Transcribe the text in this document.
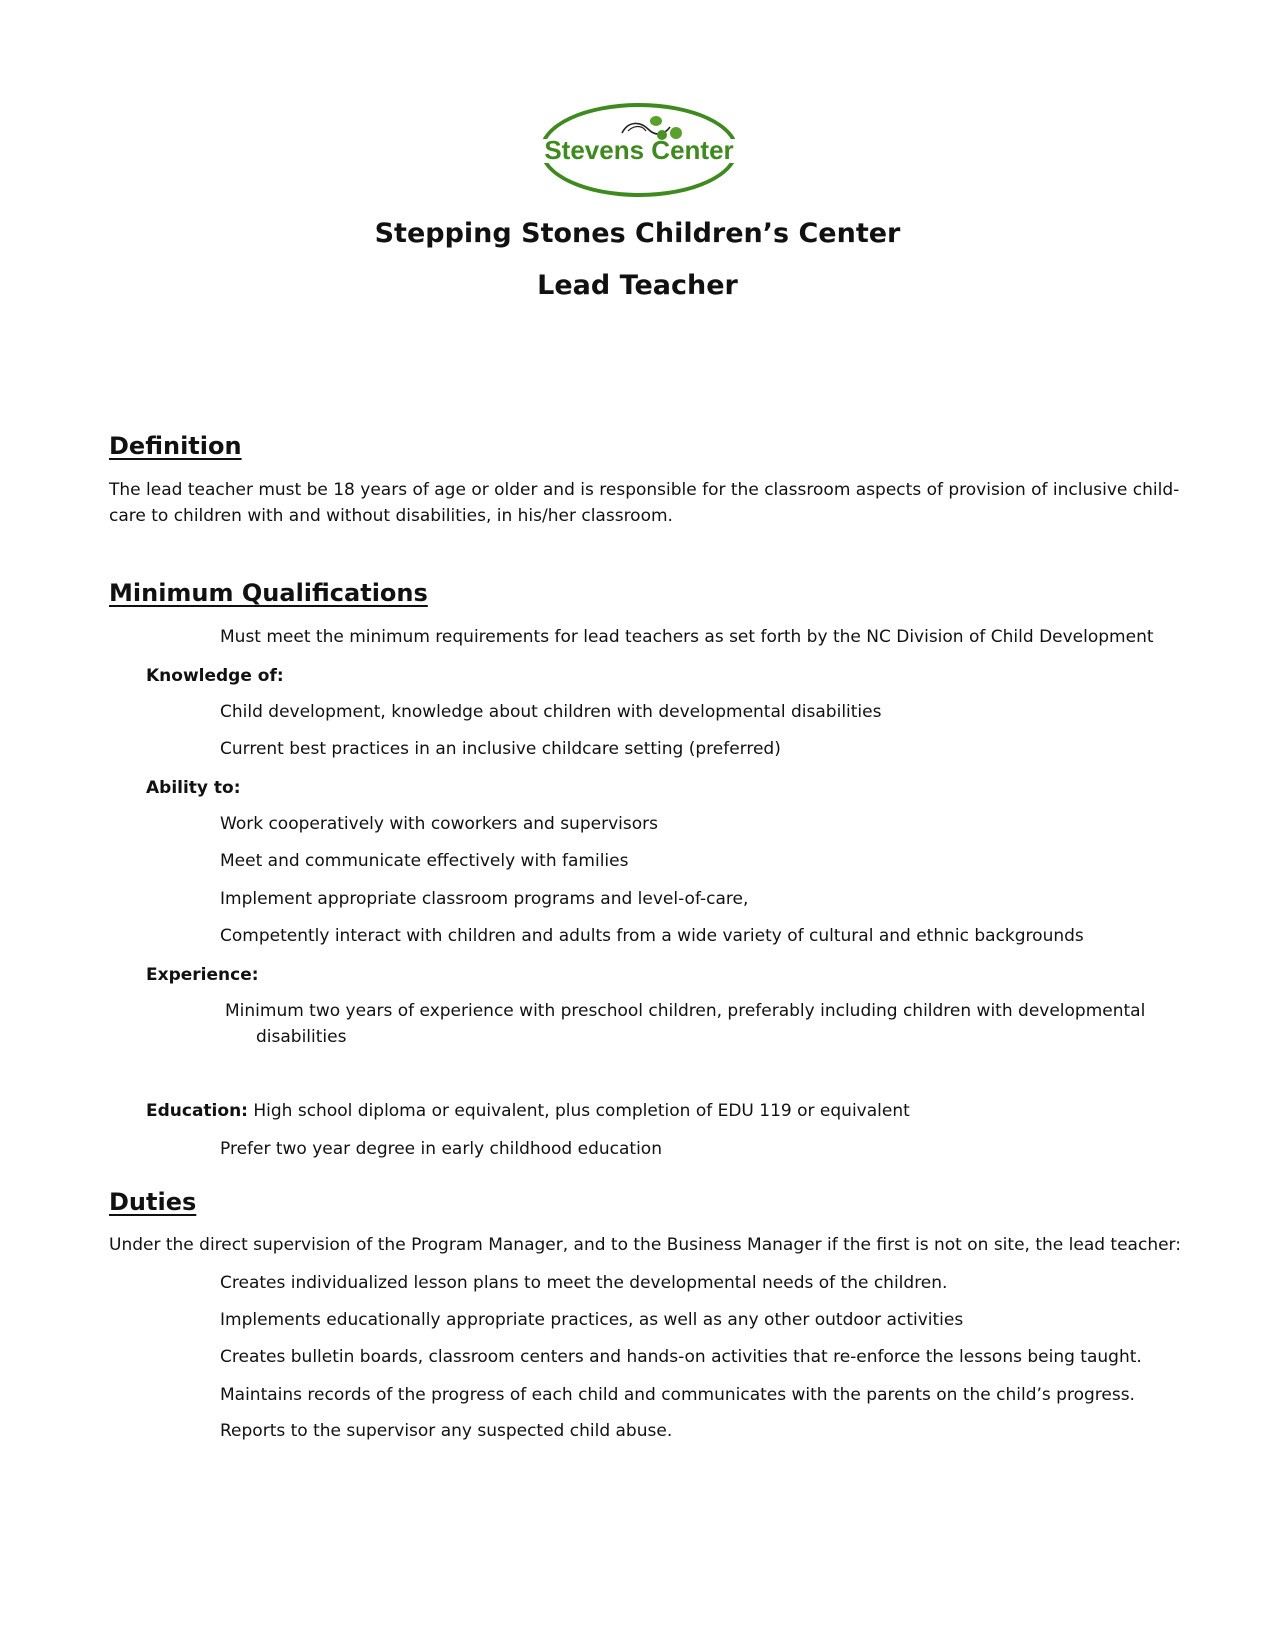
Stevens Center
Stepping Stones Children’s Center
Lead Teacher
Definition
The lead teacher must be 18 years of age or older and is responsible for the classroom aspects of provision of inclusive child-
care to children with and without disabilities, in his/her classroom.
Minimum Qualifications
Must meet the minimum requirements for lead teachers as set forth by the NC Division of Child Development
Knowledge of:
Child development, knowledge about children with developmental disabilities
Current best practices in an inclusive childcare setting (preferred)
Ability to:
Work cooperatively with coworkers and supervisors
Meet and communicate effectively with families
Implement appropriate classroom programs and level-of-care,
Competently interact with children and adults from a wide variety of cultural and ethnic backgrounds
Experience:
Minimum two years of experience with preschool children, preferably including children with developmental
disabilities
Education: High school diploma or equivalent, plus completion of EDU 119 or equivalent
Prefer two year degree in early childhood education
Duties
Under the direct supervision of the Program Manager, and to the Business Manager if the first is not on site, the lead teacher:
Creates individualized lesson plans to meet the developmental needs of the children.
Implements educationally appropriate practices, as well as any other outdoor activities
Creates bulletin boards, classroom centers and hands-on activities that re-enforce the lessons being taught.
Maintains records of the progress of each child and communicates with the parents on the child’s progress.
Reports to the supervisor any suspected child abuse.
